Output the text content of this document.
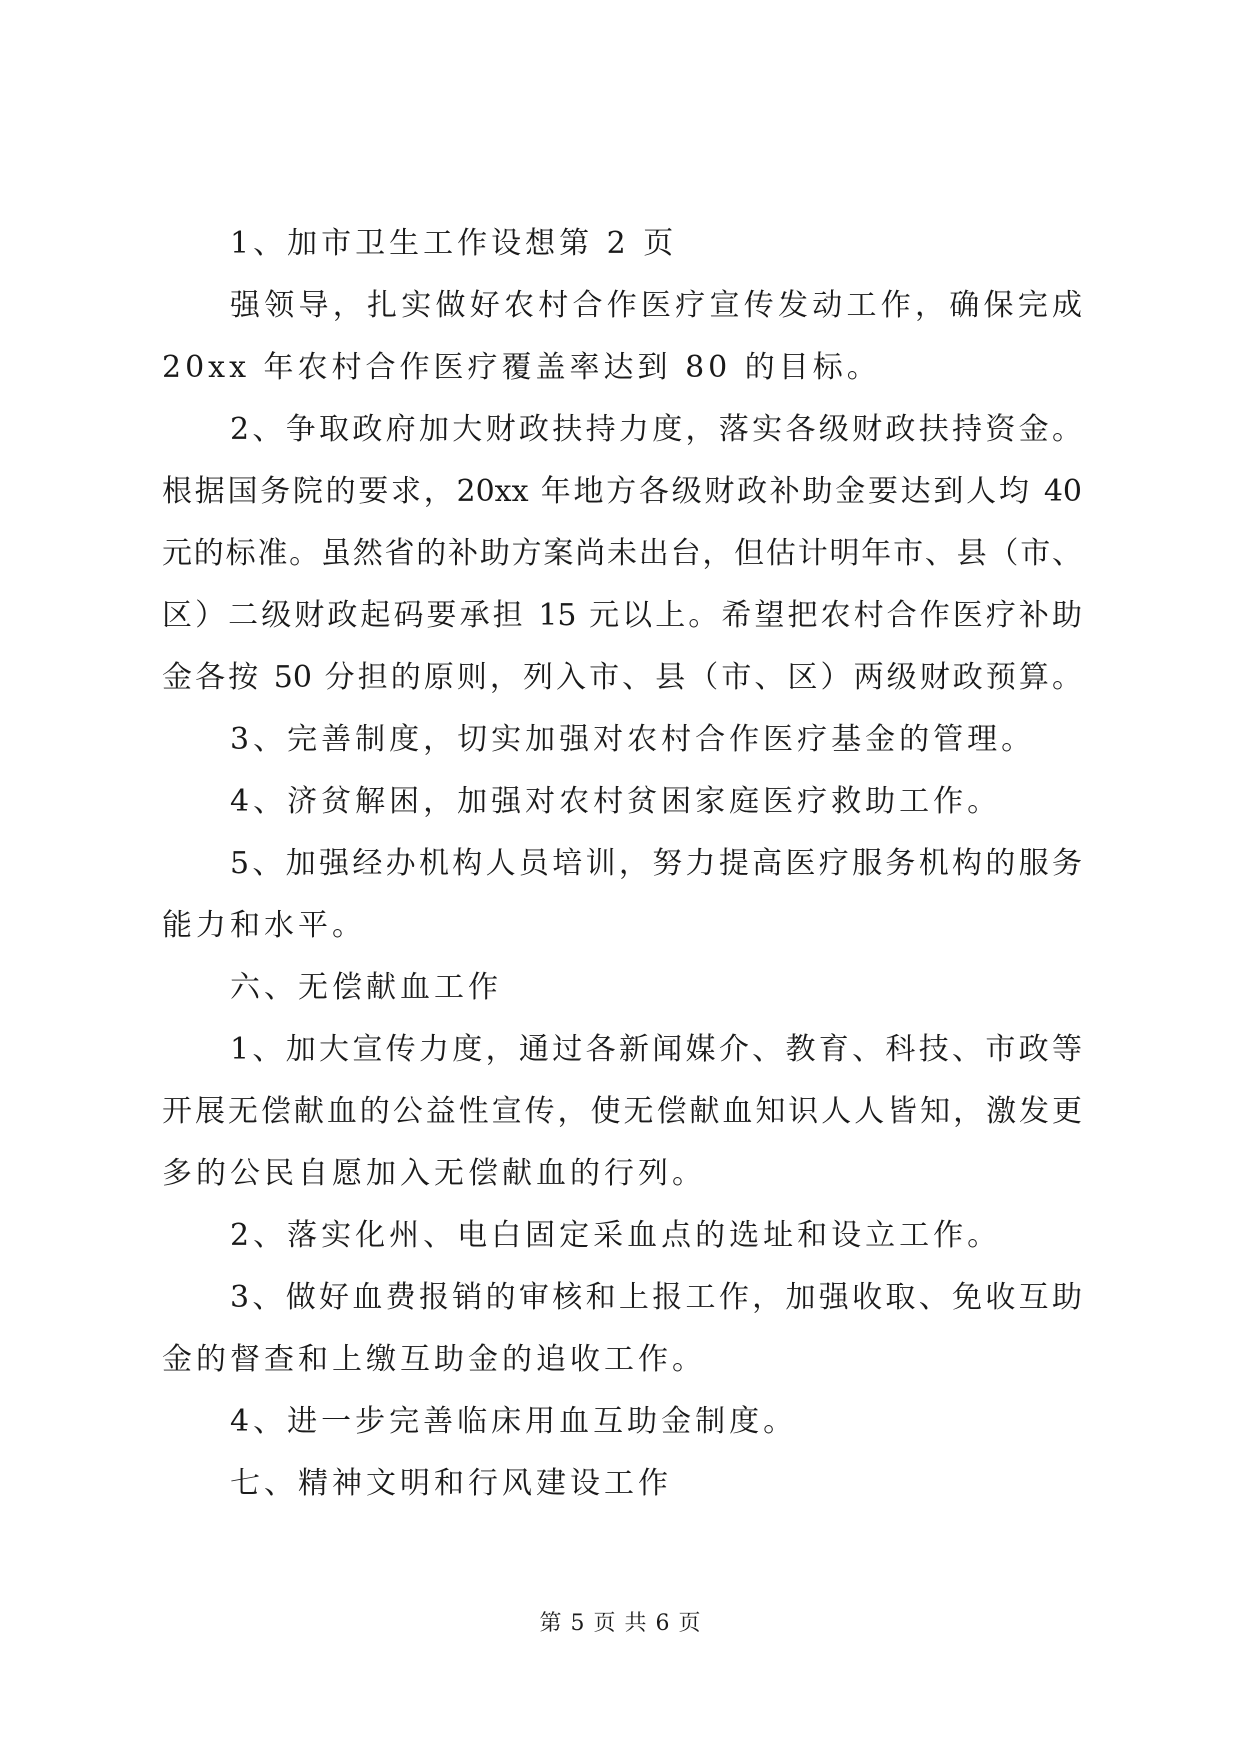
1、加市卫生工作设想第 2 页
强领导，扎实做好农村合作医疗宣传发动工作，确保完成
20xx 年农村合作医疗覆盖率达到 80 的目标。
2、争取政府加大财政扶持力度，落实各级财政扶持资金。
根据国务院的要求，20xx 年地方各级财政补助金要达到人均 40
元的标准。虽然省的补助方案尚未出台，但估计明年市、县（市、
区）二级财政起码要承担 15 元以上。希望把农村合作医疗补助
金各按 50 分担的原则，列入市、县（市、区）两级财政预算。
3、完善制度，切实加强对农村合作医疗基金的管理。
4、济贫解困，加强对农村贫困家庭医疗救助工作。
5、加强经办机构人员培训，努力提高医疗服务机构的服务
能力和水平。
六、无偿献血工作
1、加大宣传力度，通过各新闻媒介、教育、科技、市政等
开展无偿献血的公益性宣传，使无偿献血知识人人皆知，激发更
多的公民自愿加入无偿献血的行列。
2、落实化州、电白固定采血点的选址和设立工作。
3、做好血费报销的审核和上报工作，加强收取、免收互助
金的督查和上缴互助金的追收工作。
4、进一步完善临床用血互助金制度。
七、精神文明和行风建设工作
第 5 页 共 6 页
